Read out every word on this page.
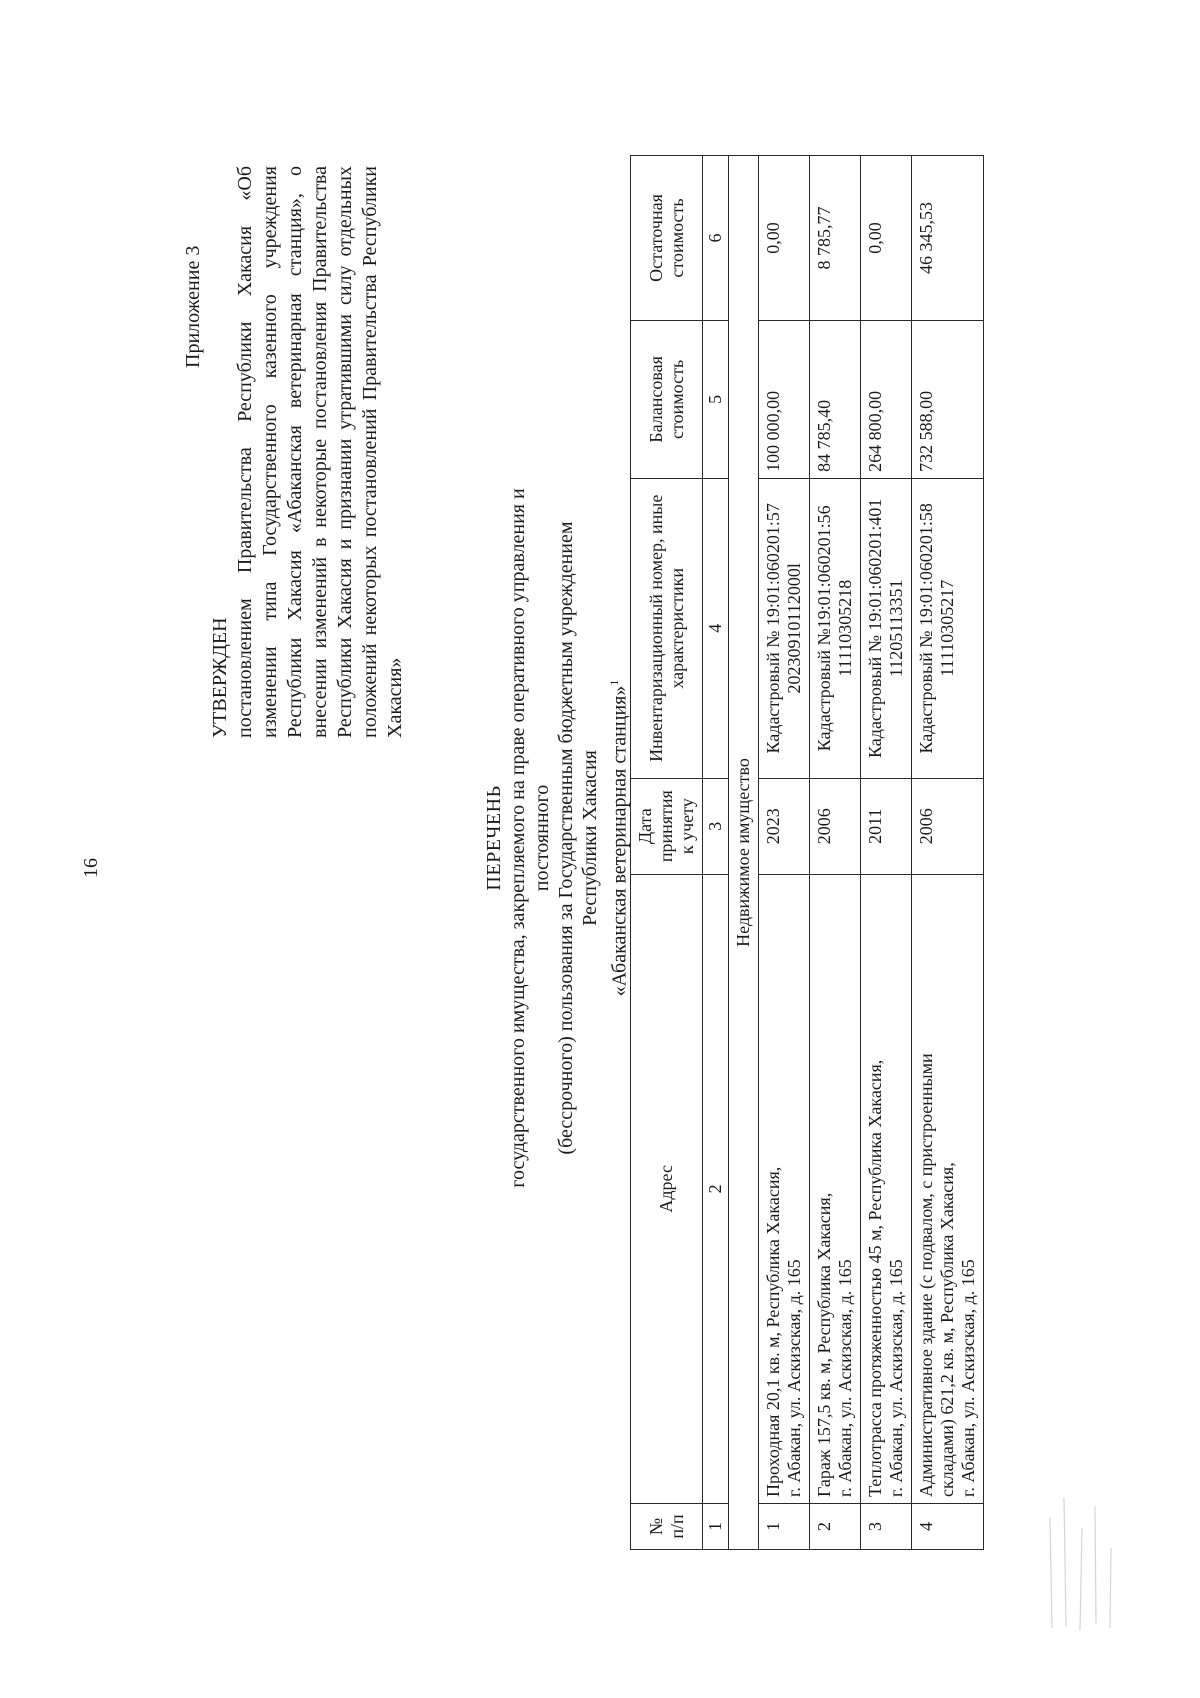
16
Приложение 3
УТВЕРЖДЕН постановлением Правительства Республики Хакасия «Об изменении типа Государственного казенного учреждения Республики Хакасия «Абаканская ветеринарная станция», о внесении изменений в некоторые постановления Правительства Республики Хакасия и признании утратившими силу отдельных положений некоторых постановлений Правительства Республики Хакасия»
ПЕРЕЧЕНЬ государственного имущества, закрепляемого на праве оперативного управления и постоянного (бессрочного) пользования за Государственным бюджетным учреждением Республики Хакасия «Абаканская ветеринарная станция»$^1$
№ п/п	Адрес	Дата принятия к учету	Инвентаризационный номер, иные характеристики	Балансовая стоимость	Остаточная стоимость
1	2	3	4	5	6
Недвижимое имущество					
1	Проходная 20,1 кв. м, Республика Хакасия, г. Абакан, ул. Аскизская, д. 165	2023	Кадастровый № 19:01:060201:57 20230910112000l	100 000,00	0,00
2	Гараж 157,5 кв. м, Республика Хакасия, г. Абакан, ул. Аскизская, д. 165	2006	Кадастровый №19:01:060201:56 1111030521‌8	84 785,40	8 785,77
3	Теплотрасса протяженностью 45 м, Республика Хакасия, г. Абакан, ул. Аскизская, д. 165	2011	Кадастровый № 19:01:060201:401 11205113351	264 800,00	0,00
4	Административное здание (с подвалом, с пристроенными складами) 621,2 кв. м, Республика Хакасия, г. Абакан, ул. Аскизская, д. 165	2006	Кадастровый № 19:01:060201:58 1111030521‌7	732 588,00	46 345,53
